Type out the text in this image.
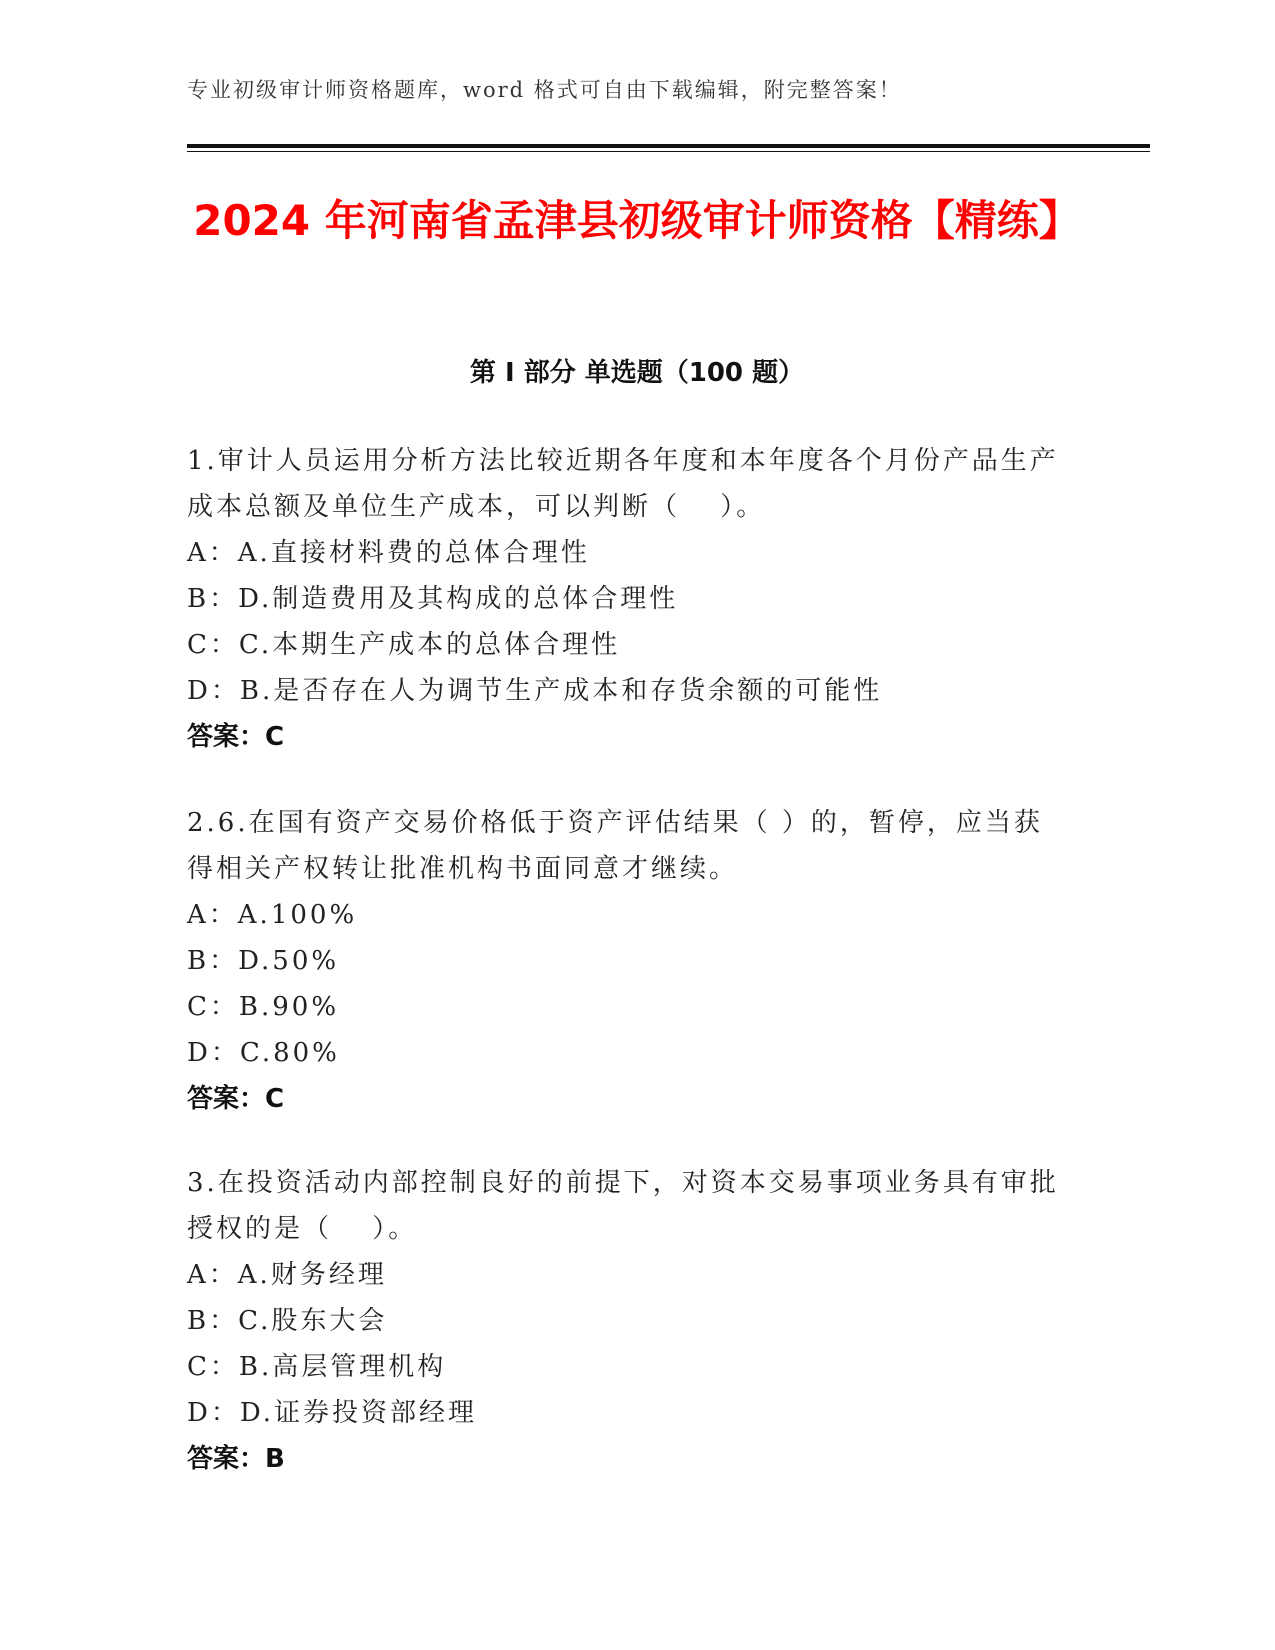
专业初级审计师资格题库，word 格式可自由下载编辑，附完整答案！
2024 年河南省孟津县初级审计师资格【精练】
第 I 部分 单选题（100 题）
1.审计人员运用分析方法比较近期各年度和本年度各个月份产品生产成本总额及单位生产成本，可以判断（　 ）。
A：A.直接材料费的总体合理性
B：D.制造费用及其构成的总体合理性
C：C.本期生产成本的总体合理性
D：B.是否存在人为调节生产成本和存货余额的可能性
答案：C
2.6.在国有资产交易价格低于资产评估结果（ ）的，暂停，应当获得相关产权转让批准机构书面同意才继续。
A：A.100%
B：D.50%
C：B.90%
D：C.80%
答案：C
3.在投资活动内部控制良好的前提下，对资本交易事项业务具有审批授权的是（　 ）。
A：A.财务经理
B：C.股东大会
C：B.高层管理机构
D：D.证券投资部经理
答案：B
